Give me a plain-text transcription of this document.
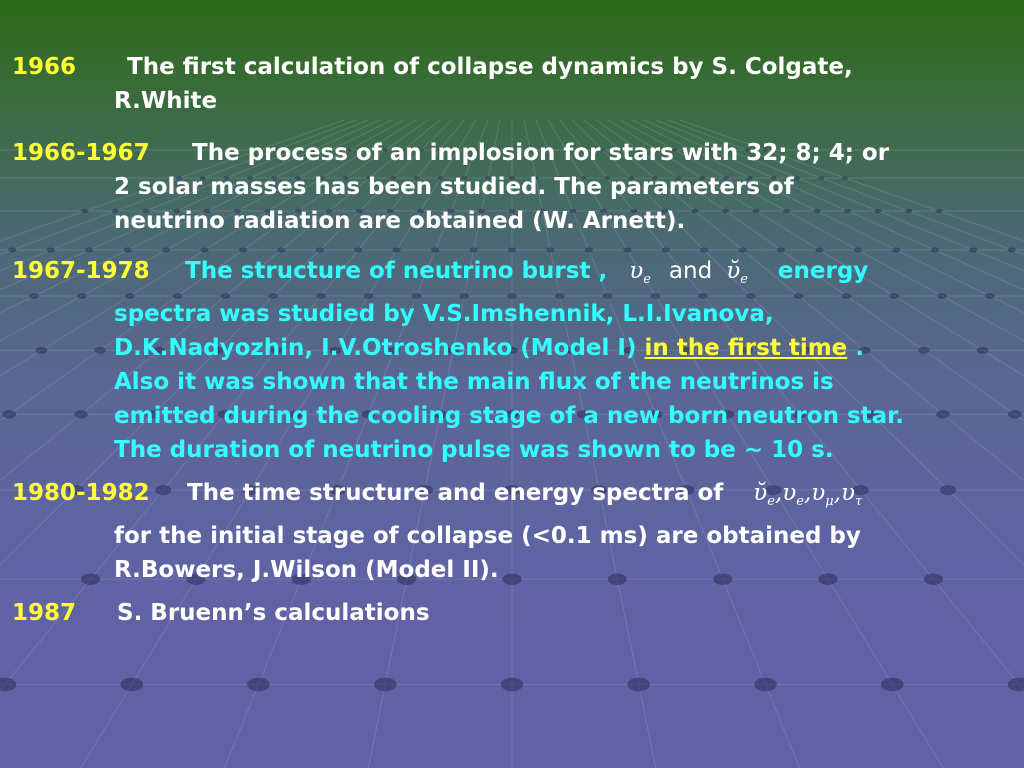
1966	The first calculation of collapse dynamics by S. Colgate,
R.White
1966-1967	The process of an implosion for stars with 32; 8; 4; or
2 solar masses has been studied. The parameters of
neutrino radiation are obtained (W. Arnett).
1967-1978	The structure of neutrino burst , $\upsilon_e$ and ῠ$_e$ energy
spectra was studied by V.S.Imshennik, L.I.Ivanova,
D.K.Nadyozhin, I.V.Otroshenko (Model I) in the first time .
Also it was shown that the main flux of the neutrinos is
emitted during the cooling stage of a new born neutron star.
The duration of neutrino pulse was shown to be ~ 10 s.
1980-1982	The time structure and energy spectra of $ῠ_e,\upsilon_e,\upsilon_\mu,\upsilon_\tau$
for the initial stage of collapse (<0.1 ms) are obtained by
R.Bowers, J.Wilson (Model II).
1987	S. Bruenn’s calculations
